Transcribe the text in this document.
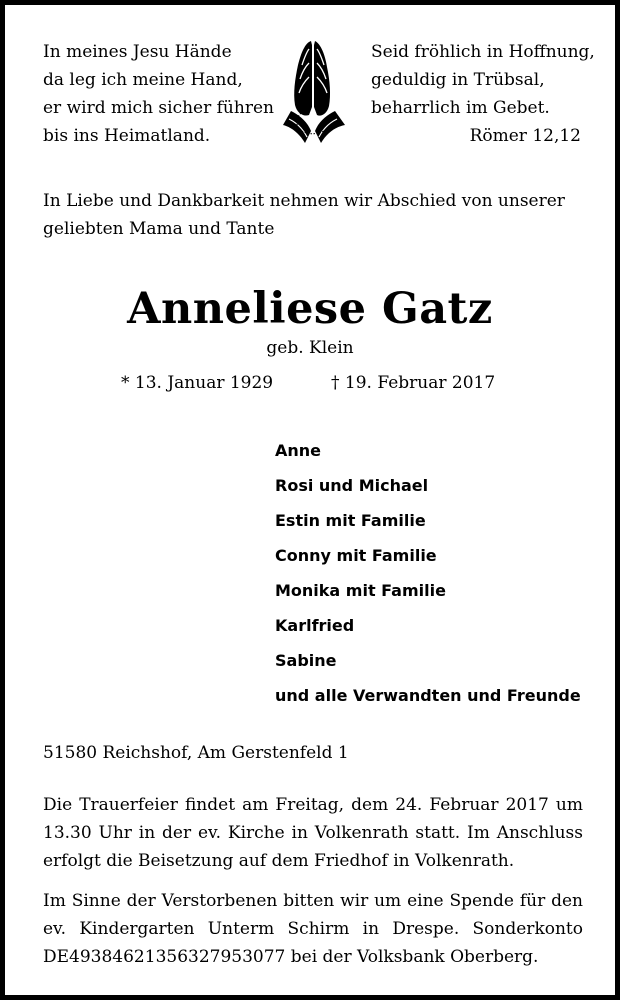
In meines Jesu Hände
da leg ich meine Hand,
er wird mich sicher führen
bis ins Heimatland.
Seid fröhlich in Hoffnung,
geduldig in Trübsal,
beharrlich im Gebet.
Römer 12,12
In Liebe und Dankbarkeit nehmen wir Abschied von unserer geliebten Mama und Tante
Anneliese Gatz
geb. Klein
* 13. Januar 1929	† 19. Februar 2017
Anne
Rosi und Michael
Estin mit Familie
Conny mit Familie
Monika mit Familie
Karlfried
Sabine
und alle Verwandten und Freunde
51580 Reichshof, Am Gerstenfeld 1
Die Trauerfeier findet am Freitag, dem 24. Februar 2017 um 13.30 Uhr in der ev. Kirche in Volkenrath statt. Im Anschluss erfolgt die Beisetzung auf dem Friedhof in Volkenrath.
Im Sinne der Verstorbenen bitten wir um eine Spende für den ev. Kindergarten Unterm Schirm in Drespe. Sonderkonto DE49384621356327953077 bei der Volksbank Oberberg.
